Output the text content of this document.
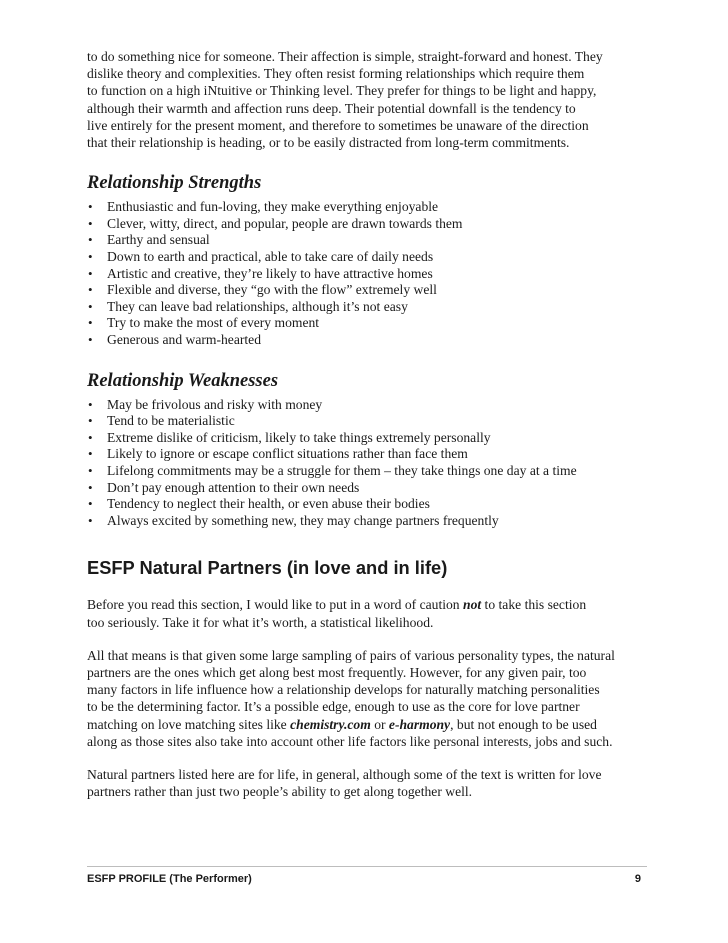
to do something nice for someone. Their affection is simple, straight-forward and honest. They
dislike theory and complexities. They often resist forming relationships which require them
to function on a high iNtuitive or Thinking level. They prefer for things to be light and happy,
although their warmth and affection runs deep. Their potential downfall is the tendency to
live entirely for the present moment, and therefore to sometimes be unaware of the direction
that their relationship is heading, or to be easily distracted from long-term commitments.

Relationship Strengths
• Enthusiastic and fun-loving, they make everything enjoyable
• Clever, witty, direct, and popular, people are drawn towards them
• Earthy and sensual
• Down to earth and practical, able to take care of daily needs
• Artistic and creative, they’re likely to have attractive homes
• Flexible and diverse, they “go with the flow” extremely well
• They can leave bad relationships, although it’s not easy
• Try to make the most of every moment
• Generous and warm-hearted
Relationship Weaknesses
• May be frivolous and risky with money
• Tend to be materialistic
• Extreme dislike of criticism, likely to take things extremely personally
• Likely to ignore or escape conflict situations rather than face them
• Lifelong commitments may be a struggle for them – they take things one day at a time
• Don’t pay enough attention to their own needs
• Tendency to neglect their health, or even abuse their bodies
• Always excited by something new, they may change partners frequently
ESFP Natural Partners (in love and in life)

Before you read this section, I would like to put in a word of caution not to take this section
too seriously. Take it for what it’s worth, a statistical likelihood.

All that means is that given some large sampling of pairs of various personality types, the natural
partners are the ones which get along best most frequently. However, for any given pair, too
many factors in life influence how a relationship develops for naturally matching personalities
to be the determining factor. It’s a possible edge, enough to use as the core for love partner
matching on love matching sites like chemistry.com or e-harmony, but not enough to be used
along as those sites also take into account other life factors like personal interests, jobs and such.

Natural partners listed here are for life, in general, although some of the text is written for love
partners rather than just two people’s ability to get along together well.

ESFP PROFILE (The Performer)	9
